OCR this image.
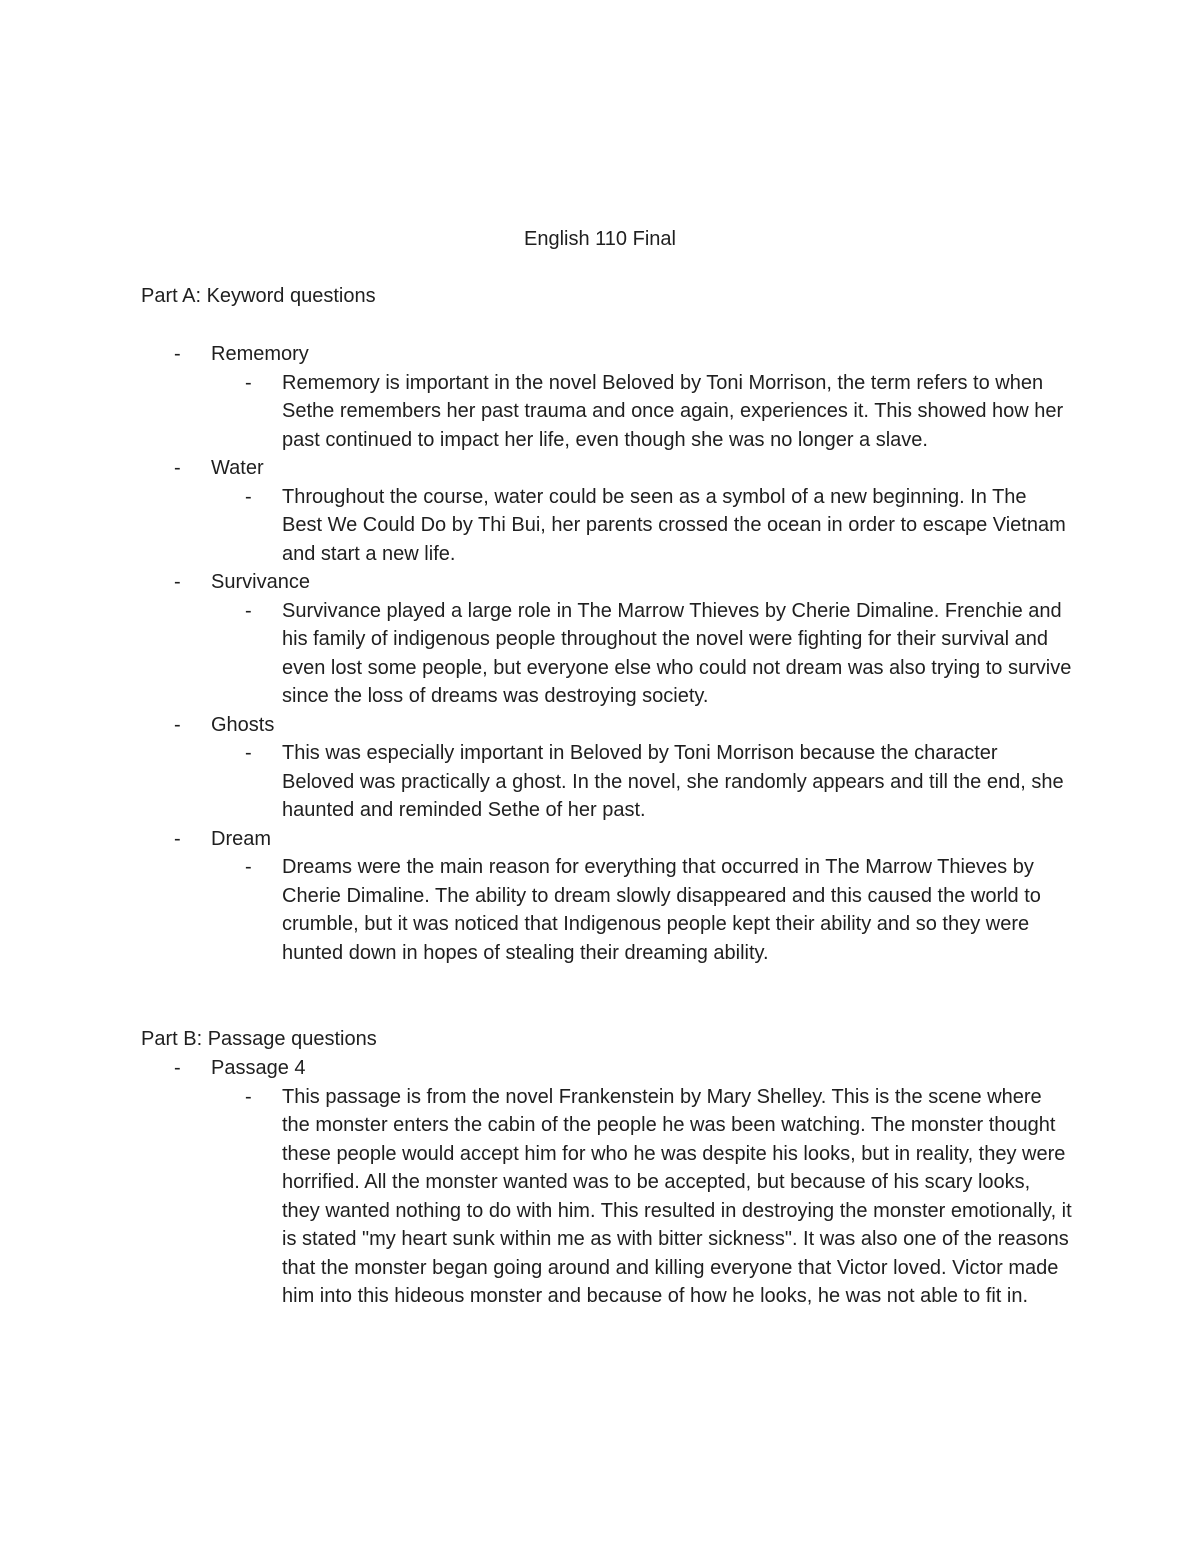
English 110 Final
Part A: Keyword questions
- Rememory
- Rememory is important in the novel Beloved by Toni Morrison, the term refers to when Sethe remembers her past trauma and once again, experiences it. This showed how her past continued to impact her life, even though she was no longer a slave.
- Water
- Throughout the course, water could be seen as a symbol of a new beginning. In The Best We Could Do by Thi Bui, her parents crossed the ocean in order to escape Vietnam and start a new life.
- Survivance
- Survivance played a large role in The Marrow Thieves by Cherie Dimaline. Frenchie and his family of indigenous people throughout the novel were fighting for their survival and even lost some people, but everyone else who could not dream was also trying to survive since the loss of dreams was destroying society.
- Ghosts
- This was especially important in Beloved by Toni Morrison because the character Beloved was practically a ghost. In the novel, she randomly appears and till the end, she haunted and reminded Sethe of her past.
- Dream
- Dreams were the main reason for everything that occurred in The Marrow Thieves by Cherie Dimaline. The ability to dream slowly disappeared and this caused the world to crumble, but it was noticed that Indigenous people kept their ability and so they were hunted down in hopes of stealing their dreaming ability.
Part B: Passage questions
- Passage 4
- This passage is from the novel Frankenstein by Mary Shelley. This is the scene where the monster enters the cabin of the people he was been watching. The monster thought these people would accept him for who he was despite his looks, but in reality, they were horrified. All the monster wanted was to be accepted, but because of his scary looks, they wanted nothing to do with him. This resulted in destroying the monster emotionally, it is stated "my heart sunk within me as with bitter sickness". It was also one of the reasons that the monster began going around and killing everyone that Victor loved. Victor made him into this hideous monster and because of how he looks, he was not able to fit in.
